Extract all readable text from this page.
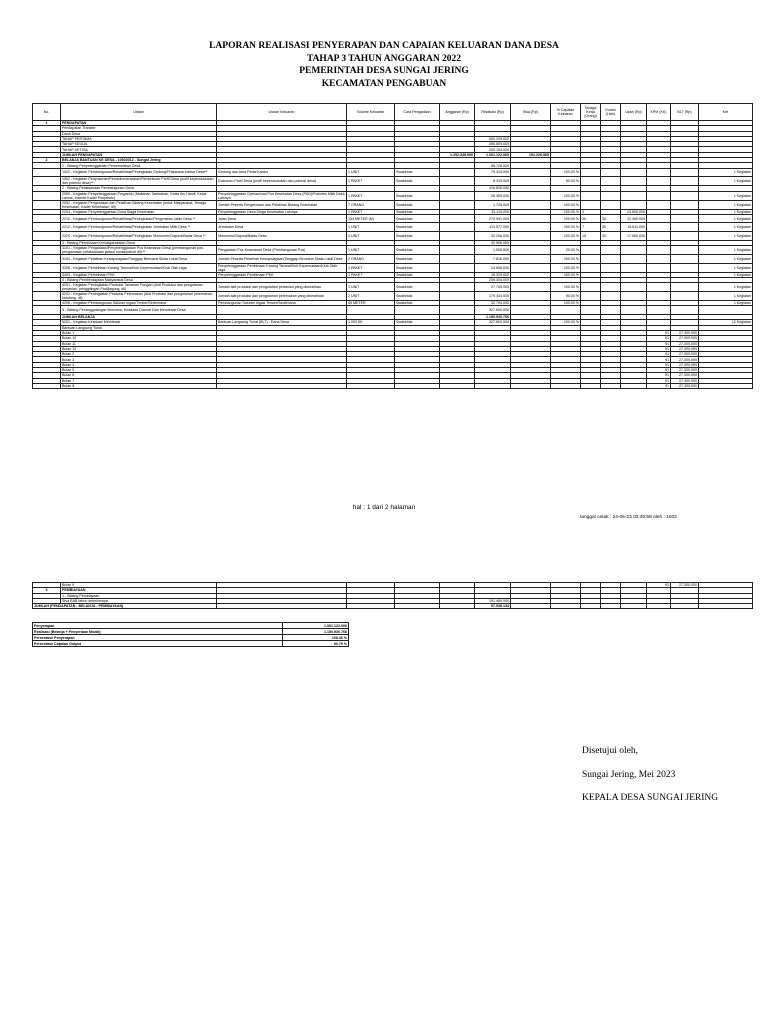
LAPORAN REALISASI PENYERAPAN DAN CAPAIAN KELUARAN DANA DESA
TAHAP 3 TAHUN ANGGARAN 2022
PEMERINTAH DESA SUNGAI JERING
KECAMATAN PENGABUAN
No.	Uraian	Uraian Keluaran	Volume Keluaran	Cara Pengadaan	Anggaran (Rp)	Realisasi (Rp)	Sisa (Rp)	% Capaian Keluaran	Tenaga Kerja (Orang)	Durasi (Hari)	Upah (Rp)	KPM (KK)	BLT (Rp)	Ket
1	PENDAPATAN													
	Pendapatan Transfer													
	Dana Desa													
	TAHAP PERTAMA					500.209.000								
	TAHAP KEDUA					450.809.000								
	TAHAP KETIGA					200.104.000								
	JUMLAH PENDAPATAN				1.252.348.900	1.061.122.000	191.226.900							
2	BELANJA BANTUAN KE DESA - 10602012 - Sungai Jering													
	1 - Bidang Penyelenggaraan Pemerintahan Desa					85.728.000								
	1002 - Kegiatan Pembangunan/Rehabilitasi/Peningkatan Gedung/Prasarana Kantor Desa**	Gedung dan Area Pedal Kantor	1 UNIT	Swakelola		79.419.000		100.00 %						1 Kegiatan
	1062 - Kegiatan Penyusunan/Pendokumentasian/Pembukuan Profil Desa (profil kependudukan dan potensi desa)**	Dokumen Profil Desa (profil kependudukan dan potensi desa)	1 PAKET	Swakelola		6.319.000		50.00 %						1 Kegiatan
	2 - Bidang Pelaksanaan Pembangunan Desa					416.826.000								
	2050 - Kegiatan Penyelenggaraan Posyandu (Makanan Tambahan, Kelas Ibu Hamil, Kelas Lansia, Insentif Kader Posyandu)	Penyelenggaraan Operasional Pos Kesehatan Desa (PKD)/Polindes Milik Desa Lainnya	1 PAKET	Swakelola		26.305.000		100.00 %						1 Kegiatan
	2052 - Kegiatan Pengelolaan dan Pelatihan Bidang Kesehatan (untuk Masyarakat, Tenaga Kesehatan, Kader Kesehatan, dll)	Jumlah Peserta Pengelolaan dan Pelatihan Bidang Kesehatan	7 ORANG	Swakelola		1.745.000		100.00 %						1 Kegiatan
	2204 - Kegiatan Penyelenggaraan Desa Siaga Kesehatan	Penyelenggaraan Desa Siaga Kesehatan Lainnya	1 PAKET	Swakelola		33.115.000		100.00 %	3		13.500.000			1 Kegiatan
	2210 - Kegiatan Pembangunan/Rehabilitasi/Peningkatan/Pengerasan Jalan Desa **	Jalan Desa	153 METER (M)	Swakelola		279.591.000		100.00 %	30	30	32.350.000			1 Kegiatan
	2212 - Kegiatan Pembangunan/Rehabilitasi/Peningkatan Jembatan Milik Desa **	Jembatan Desa	1 UNIT	Swakelola		113.577.000		100.00 %	7	30	15.611.000			1 Kegiatan
	2220 - Kegiatan Pembangunan/Rehabilitasi/Peningkatan Monumen/Gapura/Batas Desa **	Monumen/Gapura/Batas Desa	2 UNIT	Swakelola		32.206.000		100.00 %	15	30	17.060.000			1 Kegiatan
	3 - Bidang Pembinaan Kemasyarakatan Desa					42.506.000								
	3101 - Kegiatan Pengadaan/Penyelenggaraan Pos Keamanan Desa (pembangunan pos, pengawasan pelaksanaan jadwal ronda/patroli dll) **	Pengadaan Pos Keamanan Desa (Pembangunan Pos)	1 UNIT	Swakelola		1.506.000		20.00 %						1 Kegiatan
	3104 - Kegiatan Pelatihan Kesiapsiagaan/Tanggap Bencana Skala Lokal Desa	Jumlah Peserta Pelatihan Kesiapsiagaan/Tanggap Bencana Skala Lokal Desa	2 ORANG	Swakelola		7.816.000		100.00 %						1 Kegiatan
	3206 - Kegiatan Pembinaan Karang Taruna/Klub Kepemudaan/Klub Olah raga	Penyelenggaraan Pembinaan Karang Taruna/Klub Kepemudaan/Klub Olah raga	1 PAKET	Swakelola		14.855.000		100.00 %						1 Kegiatan
	3403 - Kegiatan Pembinaan PKK	Penyelenggaraan Pembinaan PKK	1 PAKET	Swakelola		18.329.000		100.00 %						1 Kegiatan
	4 - Bidang Pemberdayaan Masyarakat Desa					209.304.000								
	4201 - Kegiatan Peningkatan Produksi Tanaman Pangan (Alat Produksi dan pengolahan pertanian, penggilingan Padi/jagung, dll)	Jumlah alat produksi dan pengolahan pertanian yang diserahkan	1 UNIT	Swakelola		27.705.000		100.00 %						1 Kegiatan
	4202 - Kegiatan Peningkatan Produksi Peternakan (Alat Produksi dan pengolahan peternakan, kandang, dll)	Jumlah alat produksi dan pengolahan peternakan yang diserahkan	2 UNIT	Swakelola		179.434.000		90.00 %						1 Kegiatan
	4206 - Kegiatan Pembangunan Saluran Irigasi Tersier/Sederhana	Pembangunan Saluran Irigasi Tersier/Sederhana	45 METER	Swakelola		32.794.000		100.00 %						1 Kegiatan
	5 - Bidang Penanggulangan Bencana, Keadaan Darurat Dan Mendesak Desa					327.600.000								
	JUMLAH BELANJA					1.150.930.766								
	5201 - Kegiatan Keadaan Mendesak	Bantuan Langsung Tunai (BLT) - Dana Desa	1.092 KK	Swakelola		327.600.000		100.00 %						12 Kegiatan
	Bantuan Langsung Tunai													
	Bulan 1											91	27.300.000	
	Bulan 10											91	27.300.000	
	Bulan 11											91	27.300.000	
	Bulan 12											91	27.300.000	
	Bulan 2											91	27.300.000	
	Bulan 3											91	27.300.000	
	Bulan 4											91	27.300.000	
	Bulan 5											91	27.300.000	
	Bulan 6											91	27.300.000	
	Bulan 7											91	27.300.000	
	Bulan 8											91	27.300.000	
hal : 1 dari 2 halaman
tanggal cetak : 24-05-23 03:45:58 oleh : 1002
	Bulan 9											91	27.300.000	
3	PEMBIAYAAN													
	1 - Bidang Pembiayaan													
	Sisa RAB tahun sebelumnya					191.469.000								
JUMLAH (PENDAPATAN - BELANJA - PEMBIAYAAN)						57.538.134								
Penyerapan	1.061.122.000
Realisasi (Belanja + Penyertaan Modal)	1.150.930.766
Persentase Penyerapan	108.46 %
Persentase Capaian Output	94.75 %
Disetujui oleh,
Sungai Jering, Mei 2023
KEPALA DESA SUNGAI JERING
